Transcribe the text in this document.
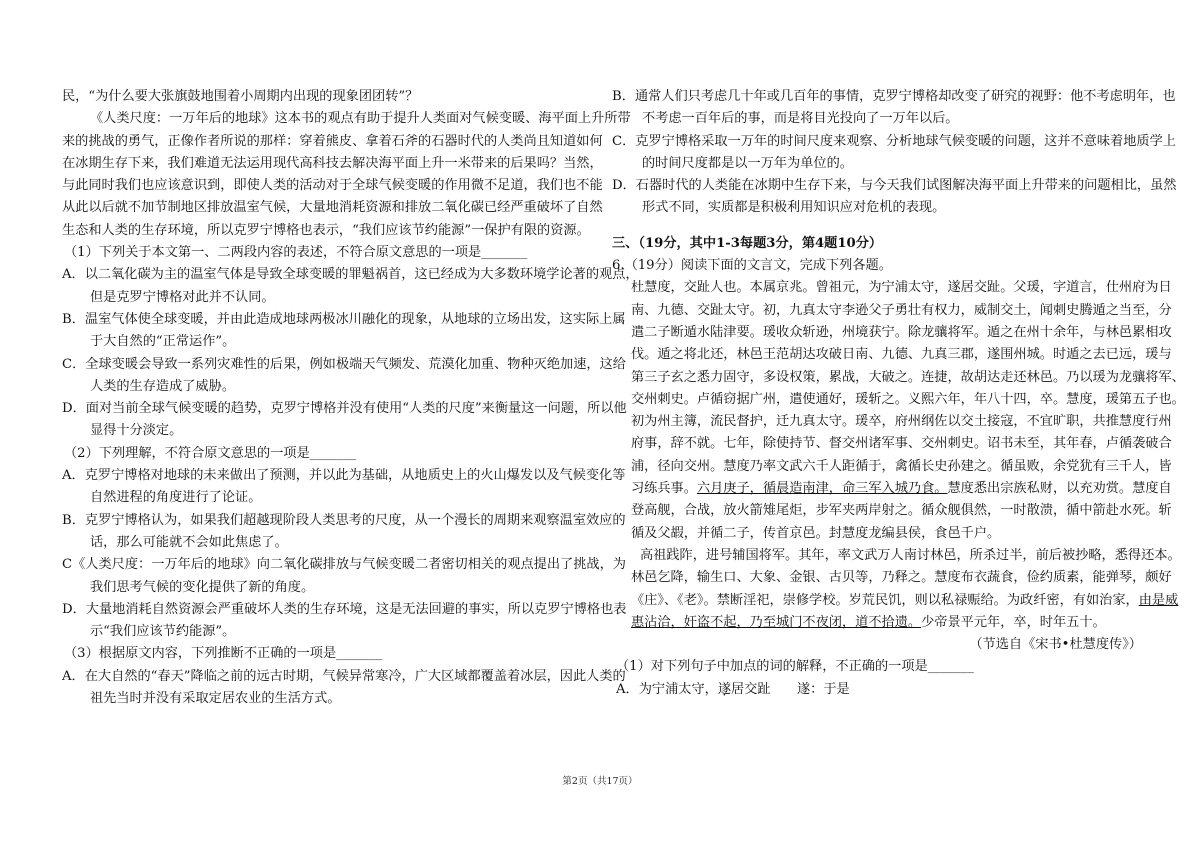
民，“为什么要大张旗鼓地围着小周期内出现的现象团团转”？
《人类尺度：一万年后的地球》这本书的观点有助于提升人类面对气候变暖、海平面上升所带
来的挑战的勇气，正像作者所说的那样：穿着熊皮、拿着石斧的石器时代的人类尚且知道如何
在冰期生存下来，我们难道无法运用现代高科技去解决海平面上升一米带来的后果吗？当然，
与此同时我们也应该意识到，即使人类的活动对于全球气候变暖的作用微不足道，我们也不能
从此以后就不加节制地区排放温室气候，大量地消耗资源和排放二氧化碳已经严重破坏了自然
生态和人类的生存环境，所以克罗宁博格也表示，“我们应该节约能源”一保护有限的资源。
（1）下列关于本文第一、二两段内容的表述，不符合原文意思的一项是_______
A．以二氧化碳为主的温室气体是导致全球变暖的罪魁祸首，这已经成为大多数环境学论著的观点，
但是克罗宁博格对此并不认同。
B．温室气体使全球变暖，并由此造成地球两极冰川融化的现象，从地球的立场出发，这实际上属
于大自然的“正常运作”。
C．全球变暖会导致一系列灾难性的后果，例如极端天气频发、荒漠化加重、物种灭绝加速，这给
人类的生存造成了威胁。
D．面对当前全球气候变暖的趋势，克罗宁博格并没有使用“人类的尺度”来衡量这一问题，所以他
显得十分淡定。
（2）下列理解，不符合原文意思的一项是_______
A．克罗宁博格对地球的未来做出了预测，并以此为基础，从地质史上的火山爆发以及气候变化等
自然进程的角度进行了论证。
B．克罗宁博格认为，如果我们超越现阶段人类思考的尺度，从一个漫长的周期来观察温室效应的
话，那么可能就不会如此焦虑了。
C《人类尺度：一万年后的地球》向二氧化碳排放与气候变暖二者密切相关的观点提出了挑战，为
我们思考气候的变化提供了新的角度。
D．大量地消耗自然资源会严重破坏人类的生存环境，这是无法回避的事实，所以克罗宁博格也表
示“我们应该节约能源”。
（3）根据原文内容，下列推断不正确的一项是_______
A．在大自然的“春天”降临之前的远古时期，气候异常寒冷，广大区域都覆盖着冰层，因此人类的
祖先当时并没有采取定居农业的生活方式。
B．通常人们只考虑几十年或几百年的事情，克罗宁博格却改变了研究的视野：他不考虑明年，也
不考虑一百年后的事，而是将目光投向了一万年以后。
C．克罗宁博格采取一万年的时间尺度来观察、分析地球气候变暖的问题，这并不意味着地质学上
的时间尺度都是以一万年为单位的。
D．石器时代的人类能在冰期中生存下来，与今天我们试图解决海平面上升带来的问题相比，虽然
形式不同，实质都是积极利用知识应对危机的表现。
三、（19分，其中1-3每题3分，第4题10分）
6.（19分）阅读下面的文言文，完成下列各题。
杜慧度，交趾人也。本属京兆。曾祖元，为宁浦太守，遂居交趾。父瑗，字道言，仕州府为日
南、九德、交趾太守。初，九真太守李逊父子勇壮有权力，威制交土，闻刺史腾遁之当至，分
遣二子断遁水陆津要。瑗收众斩逊，州境获宁。除龙骧将军。遁之在州十余年，与林邑累相攻
伐。遁之将北还，林邑王范胡达攻破日南、九德、九真三郡，遂围州城。时遁之去已远，瑗与
第三子玄之悉力固守，多设权策，累战，大破之。连捷，故胡达走还林邑。乃以瑗为龙骧将军、
交州刺史。卢循窃据广州，遣使通好，瑗斩之。义熙六年，年八十四，卒。慧度，瑗第五子也。
初为州主簿，流民督护，迁九真太守。瑗卒，府州纲佐以交土接寇，不宜旷职，共推慧度行州
府事，辞不就。七年，除使持节、督交州诸军事、交州刺史。诏书未至，其年春，卢循袭破合
浦，径向交州。慧度乃率文武六千人距循于，禽循长史孙建之。循虽败，余党犹有三千人，皆
习练兵事。六月庚子，循晨造南津，命三军入城乃食。慧度悉出宗族私财，以充劝赏。慧度自
登高舰，合战，放火箭雉尾炬，步军夹两岸射之。循众舰俱然，一时散溃，循中箭赴水死。斩
循及父嘏，并循二子，传首京邑。封慧度龙编县侯，食邑千户。
高祖践阼，进号辅国将军。其年，率文武万人南讨林邑，所杀过半，前后被抄略，悉得还本。
林邑乞降，输生口、大象、金银、古贝等，乃释之。慧度布衣蔬食，俭约质素，能弹琴，颇好
《庄》、《老》。禁断淫祀，崇修学校。岁荒民饥，则以私禄赈给。为政纤密，有如治家，由是威
惠沾洽，奸盗不起，乃至城门不夜闭，道不拾遗。少帝景平元年，卒，时年五十。
（节选自《宋书•杜慧度传》）
（1）对下列句子中加点的词的解释，不正确的一项是_______
A．为宁浦太守，遂居交趾　　遂：于是
第2页（共17页）
